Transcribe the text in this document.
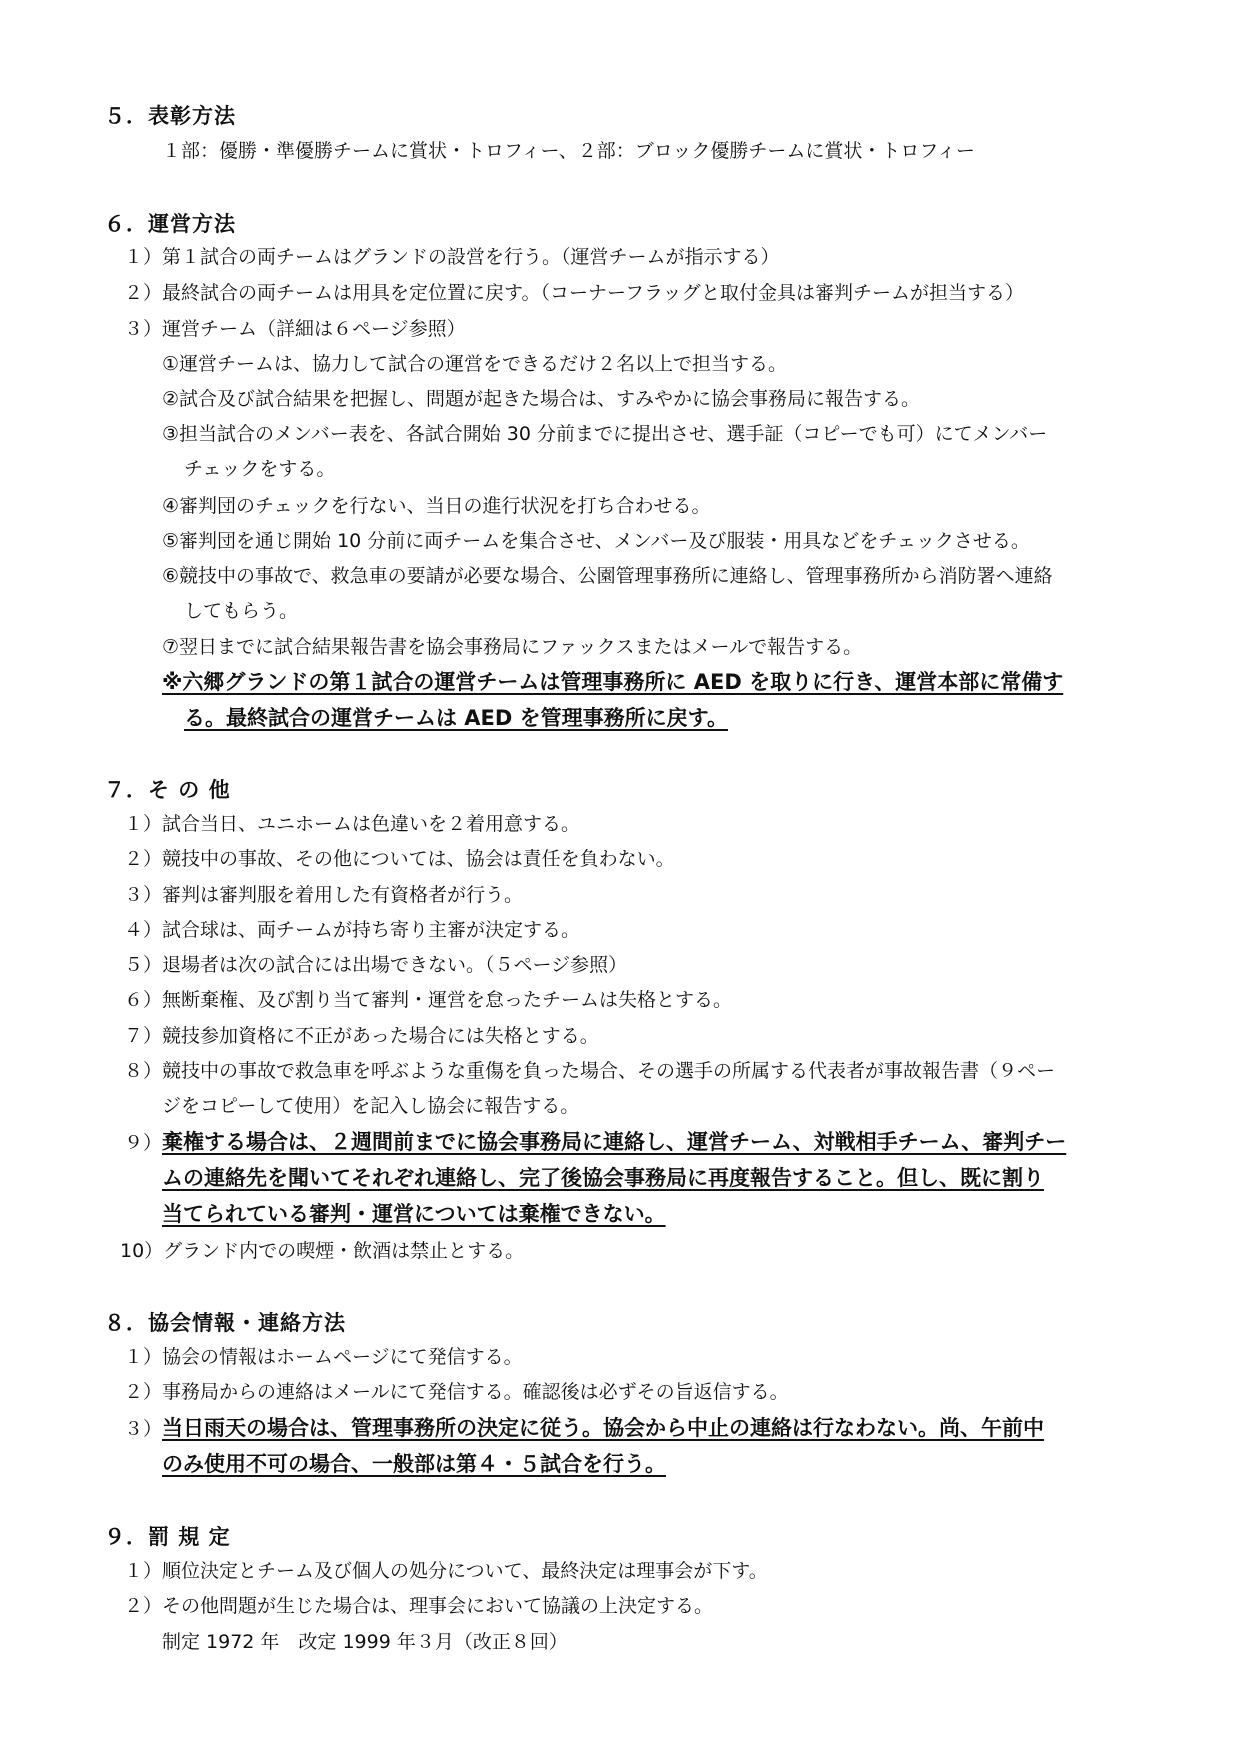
５．表彰方法
１部：優勝・準優勝チームに賞状・トロフィー、２部：ブロック優勝チームに賞状・トロフィー
６．運営方法
１）第１試合の両チームはグランドの設営を行う。（運営チームが指示する）
２）最終試合の両チームは用具を定位置に戻す。（コーナーフラッグと取付金具は審判チームが担当する）
３）運営チーム（詳細は６ページ参照）
①運営チームは、協力して試合の運営をできるだけ２名以上で担当する。
②試合及び試合結果を把握し、問題が起きた場合は、すみやかに協会事務局に報告する。
③担当試合のメンバー表を、各試合開始 30 分前までに提出させ、選手証（コピーでも可）にてメンバー
チェックをする。
④審判団のチェックを行ない、当日の進行状況を打ち合わせる。
⑤審判団を通じ開始 10 分前に両チームを集合させ、メンバー及び服装・用具などをチェックさせる。
⑥競技中の事故で、救急車の要請が必要な場合、公園管理事務所に連絡し、管理事務所から消防署へ連絡
してもらう。
⑦翌日までに試合結果報告書を協会事務局にファックスまたはメールで報告する。
※六郷グランドの第１試合の運営チームは管理事務所に AED を取りに行き、運営本部に常備す
る。最終試合の運営チームは AED を管理事務所に戻す。
７．そ の 他
１）試合当日、ユニホームは色違いを２着用意する。
２）競技中の事故、その他については、協会は責任を負わない。
３）審判は審判服を着用した有資格者が行う。
４）試合球は、両チームが持ち寄り主審が決定する。
５）退場者は次の試合には出場できない。（５ページ参照）
６）無断棄権、及び割り当て審判・運営を怠ったチームは失格とする。
７）競技参加資格に不正があった場合には失格とする。
８）競技中の事故で救急車を呼ぶような重傷を負った場合、その選手の所属する代表者が事故報告書（９ペー
ジをコピーして使用）を記入し協会に報告する。
９） 棄権する場合は、２週間前までに協会事務局に連絡し、運営チーム、対戦相手チーム、審判チー
ムの連絡先を聞いてそれぞれ連絡し、完了後協会事務局に再度報告すること。但し、既に割り
当てられている審判・運営については棄権できない。
10）グランド内での喫煙・飲酒は禁止とする。
８．協会情報・連絡方法
１）協会の情報はホームページにて発信する。
２）事務局からの連絡はメールにて発信する。確認後は必ずその旨返信する。
３） 当日雨天の場合は、管理事務所の決定に従う。協会から中止の連絡は行なわない。尚、午前中
のみ使用不可の場合、一般部は第４・５試合を行う。
９．罰 規 定
１）順位決定とチーム及び個人の処分について、最終決定は理事会が下す。
２）その他問題が生じた場合は、理事会において協議の上決定する。
制定 1972 年　改定 1999 年３月（改正８回）
